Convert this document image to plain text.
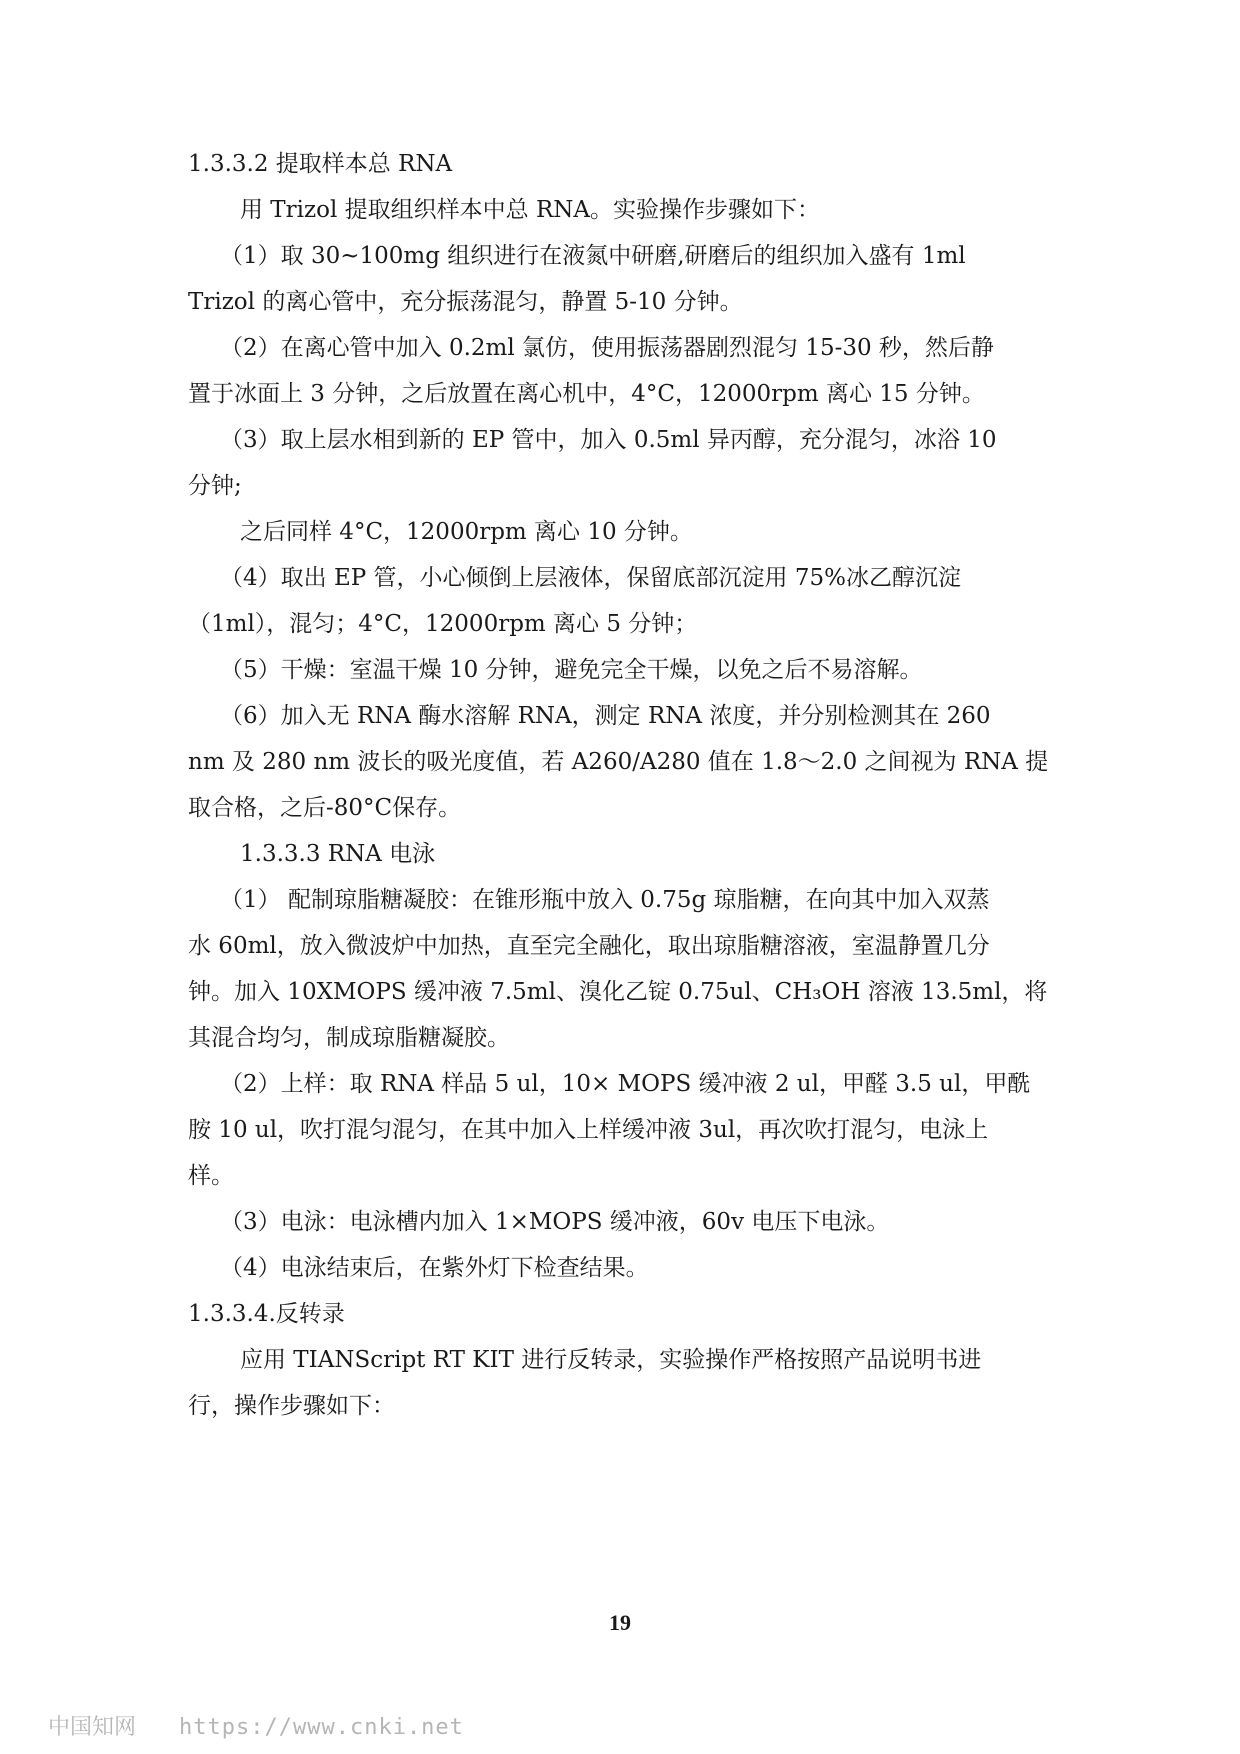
1.3.3.2 提取样本总 RNA
用 Trizol 提取组织样本中总 RNA。实验操作步骤如下：
（1）取 30~100mg 组织进行在液氮中研磨,研磨后的组织加入盛有 1ml
Trizol 的离心管中，充分振荡混匀，静置 5-10 分钟。
（2）在离心管中加入 0.2ml 氯仿，使用振荡器剧烈混匀 15-30 秒，然后静
置于冰面上 3 分钟，之后放置在离心机中，4°C，12000rpm 离心 15 分钟。
（3）取上层水相到新的 EP 管中，加入 0.5ml 异丙醇，充分混匀，冰浴 10
分钟;
之后同样 4°C，12000rpm 离心 10 分钟。
（4）取出 EP 管，小心倾倒上层液体，保留底部沉淀用 75%冰乙醇沉淀
（1ml），混匀；4°C，12000rpm 离心 5 分钟；
（5）干燥：室温干燥 10 分钟，避免完全干燥，以免之后不易溶解。
（6）加入无 RNA 酶水溶解 RNA，测定 RNA 浓度，并分别检测其在 260
nm 及 280 nm 波长的吸光度值，若 A260/A280 值在 1.8～2.0 之间视为 RNA 提
取合格，之后-80°C保存。
1.3.3.3 RNA 电泳
（1） 配制琼脂糖凝胶：在锥形瓶中放入 0.75g 琼脂糖，在向其中加入双蒸
水 60ml，放入微波炉中加热，直至完全融化，取出琼脂糖溶液，室温静置几分
钟。加入 10XMOPS 缓冲液 7.5ml、溴化乙锭 0.75ul、CH₃OH 溶液 13.5ml，将
其混合均匀，制成琼脂糖凝胶。
（2）上样：取 RNA 样品 5 ul，10× MOPS 缓冲液 2 ul，甲醛 3.5 ul，甲酰
胺 10 ul，吹打混匀混匀，在其中加入上样缓冲液 3ul，再次吹打混匀，电泳上
样。
（3）电泳：电泳槽内加入 1×MOPS 缓冲液，60v 电压下电泳。
（4）电泳结束后，在紫外灯下检查结果。
1.3.3.4.反转录
应用 TIANScript RT KIT 进行反转录，实验操作严格按照产品说明书进
行，操作步骤如下：
19
中国知网 https://www.cnki.net
